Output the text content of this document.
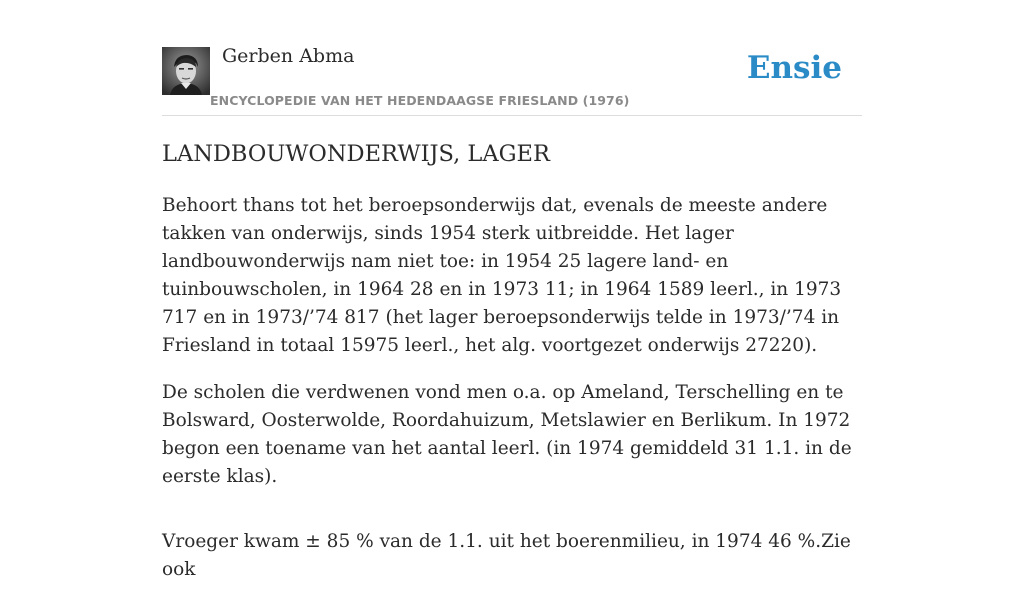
Gerben Abma
ENCYCLOPEDIE VAN HET HEDENDAAGSE FRIESLAND (1976)
Ensie
LANDBOUWONDERWIJS, LAGER

Behoort thans tot het beroepsonderwijs dat, evenals de meeste andere takken van onderwijs, sinds 1954 sterk uitbreidde. Het lager landbouwonderwijs nam niet toe: in 1954 25 lagere land- en tuinbouwscholen, in 1964 28 en in 1973 11; in 1964 1589 leerl., in 1973 717 en in 1973/’74 817 (het lager beroepsonderwijs telde in 1973/’74 in Friesland in totaal 15975 leerl., het alg. voortgezet onderwijs 27220).

De scholen die verdwenen vond men o.a. op Ameland, Terschelling en te Bolsward, Oosterwolde, Roordahuizum, Metslawier en Berlikum. In 1972 begon een toename van het aantal leerl. (in 1974 gemiddeld 31 1.1. in de eerste klas).

Vroeger kwam ± 85 % van de 1.1. uit het boerenmilieu, in 1974 46 %.Zie ook
